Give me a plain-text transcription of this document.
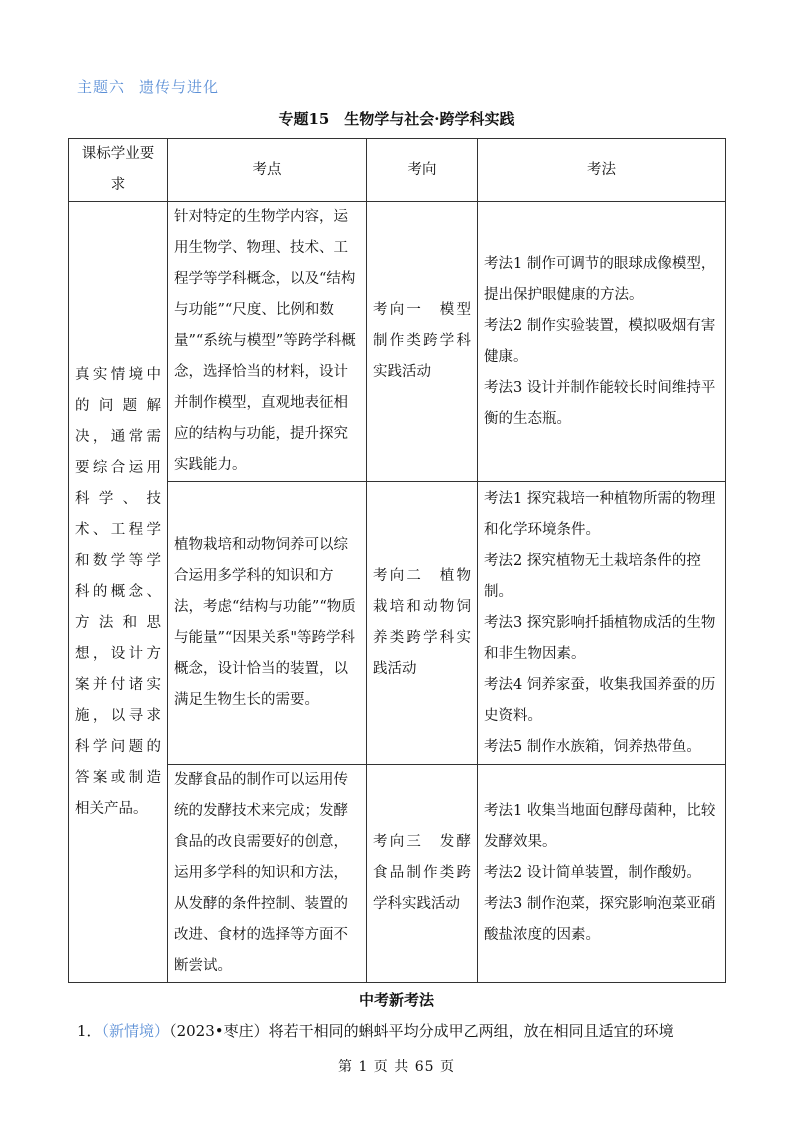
主题六 遗传与进化
专题15　生物学与社会·跨学科实践
课标学业要求	考点	考向	考法
真实情境中的问题解决，通常需要综合运用科学、技术、工程学和数学等学科的概念、方法和思想，设计方案并付诸实施，以寻求科学问题的答案或制造相关产品。	针对特定的生物学内容，运用生物学、物理、技术、工程学等学科概念，以及“结构与功能”“尺度、比例和数量”“系统与模型”等跨学科概念，选择恰当的材料，设计并制作模型，直观地表征相应的结构与功能，提升探究实践能力。	考向一　模型制作类跨学科实践活动	考法1 制作可调节的眼球成像模型，提出保护眼健康的方法。
考法2 制作实验装置，模拟吸烟有害健康。
考法3 设计并制作能较长时间维持平衡的生态瓶。

	植物栽培和动物饲养可以综合运用多学科的知识和方法，考虑“结构与功能”“物质与能量”“因果关系"等跨学科概念，设计恰当的装置，以满足生物生长的需要。	考向二　植物栽培和动物饲养类跨学科实践活动	考法1 探究栽培一种植物所需的物理和化学环境条件。
考法2 探究植物无土栽培条件的控制。
考法3 探究影响扦插植物成活的生物和非生物因素。
考法4 饲养家蚕，收集我国养蚕的历史资料。
考法5 制作水族箱，饲养热带鱼。

	发酵食品的制作可以运用传统的发酵技术来完成；发酵食品的改良需要好的创意，运用多学科的知识和方法，从发酵的条件控制、装置的改进、食材的选择等方面不断尝试。	考向三　发酵食品制作类跨学科实践活动	考法1 收集当地面包酵母菌种，比较发酵效果。
考法2 设计简单装置，制作酸奶。
考法3 制作泡菜，探究影响泡菜亚硝酸盐浓度的因素。
中考新考法
1．（新情境）（2023•枣庄）将若干相同的蝌蚪平均分成甲乙两组，放在相同且适宜的环境
第 1 页 共 65 页
